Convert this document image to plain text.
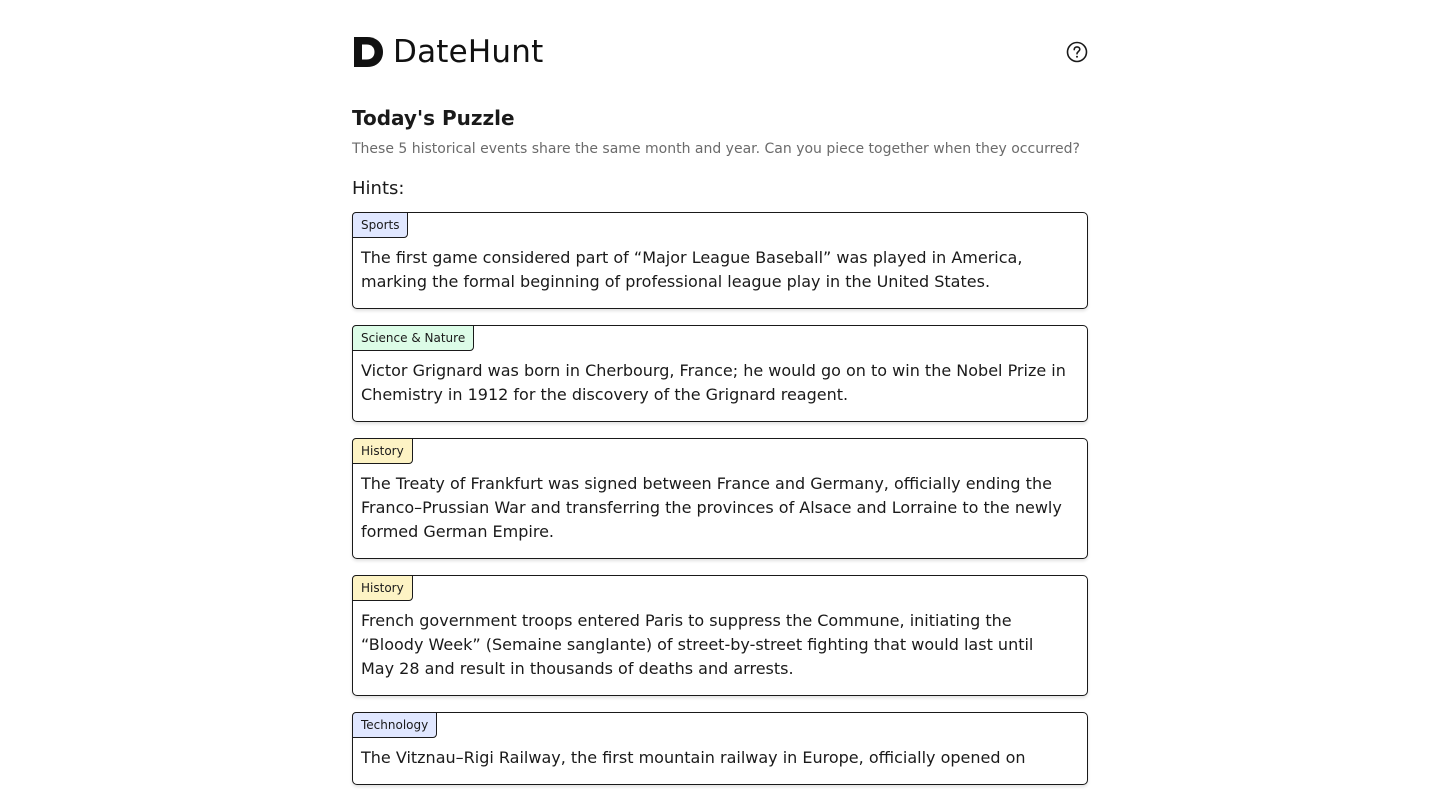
DateHunt
Today's Puzzle

These 5 historical events share the same month and year. Can you piece together when they occurred?

Hints:

Sports

The first game considered part of “Major League Baseball” was played in America, marking the formal beginning of professional league play in the United States.

Science & Nature

Victor Grignard was born in Cherbourg, France; he would go on to win the Nobel Prize in Chemistry in 1912 for the discovery of the Grignard reagent.

History

The Treaty of Frankfurt was signed between France and Germany, officially ending the Franco–Prussian War and transferring the provinces of Alsace and Lorraine to the newly formed German Empire.

History

French government troops entered Paris to suppress the Commune, initiating the “Bloody Week” (Semaine sanglante) of street-by-street fighting that would last until May 28 and result in thousands of deaths and arrests.

Technology

The Vitznau–Rigi Railway, the first mountain railway in Europe, officially opened on
